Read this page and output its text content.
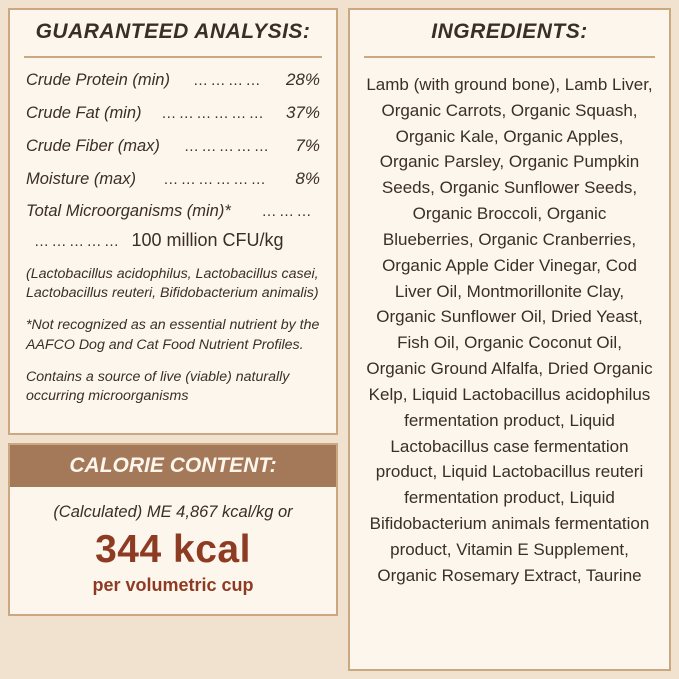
GUARANTEED ANALYSIS:
Crude Protein (min)	…………	28%
Crude Fat (min)	………………	37%
Crude Fiber (max)	……………	7%
Moisture (max)	………………	8%
Total Microorganisms (min)*	………
…………… 100 million CFU/kg
(Lactobacillus acidophilus, Lactobacillus casei, Lactobacillus reuteri, Bifidobacterium animalis)
*Not recognized as an essential nutrient by the AAFCO Dog and Cat Food Nutrient Profiles.
Contains a source of live (viable) naturally occurring microorganisms
CALORIE CONTENT:
(Calculated) ME 4,867 kcal/kg or
344 kcal
per volumetric cup
INGREDIENTS:
Lamb (with ground bone), Lamb Liver, Organic Carrots, Organic Squash, Organic Kale, Organic Apples, Organic Parsley, Organic Pumpkin Seeds, Organic Sunflower Seeds, Organic Broccoli, Organic Blueberries, Organic Cranberries, Organic Apple Cider Vinegar, Cod Liver Oil, Montmorillonite Clay, Organic Sunflower Oil, Dried Yeast, Fish Oil, Organic Coconut Oil, Organic Ground Alfalfa, Dried Organic Kelp, Liquid Lactobacillus acidophilus fermentation product, Liquid Lactobacillus case fermentation product, Liquid Lactobacillus reuteri fermentation product, Liquid Bifidobacterium animals fermentation product, Vitamin E Supplement, Organic Rosemary Extract, Taurine
